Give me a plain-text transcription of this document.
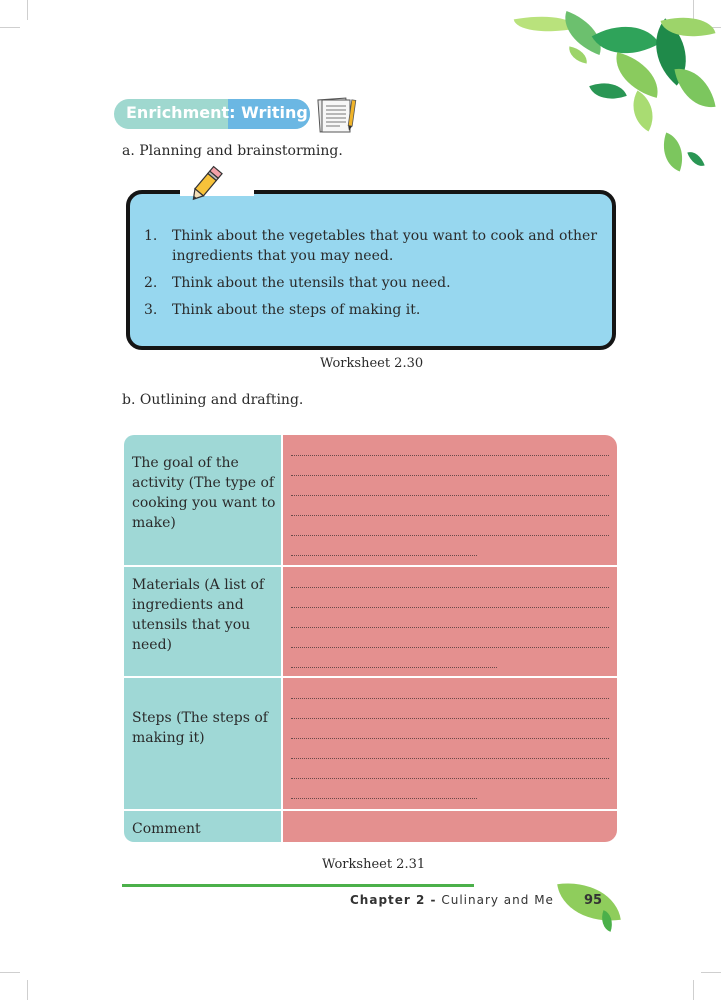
Enrichment: Writing
a. Planning and brainstorming.
1.	Think about the vegetables that you want to cook and other ingredients that you may need.
2.	Think about the utensils that you need.
3.	Think about the steps of making it.
Worksheet 2.30
b. Outlining and drafting.
The goal of the activity (The type of cooking you want to make)
Materials (A list of ingredients and utensils that you need)
Steps (The steps of making it)
Comment
Worksheet 2.31
Chapter 2 - Culinary and Me 95
